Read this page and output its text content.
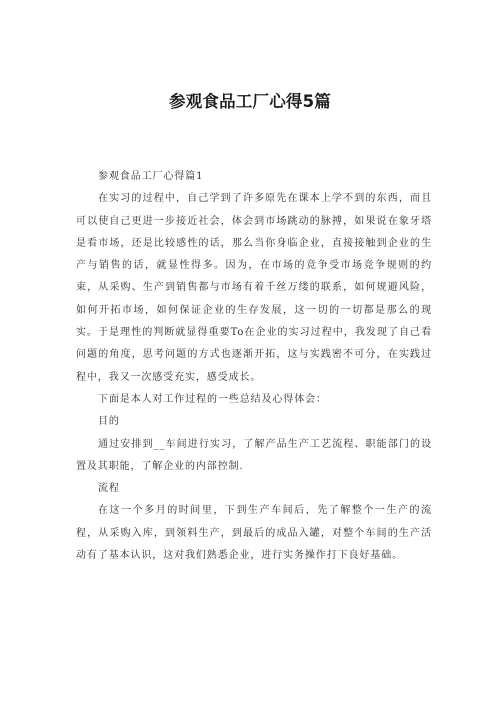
参观食品工厂心得5篇

参观食品工厂心得篇1

在实习的过程中，自己学到了许多原先在课本上学不到的东西，而且可以使自己更进一步接近社会，体会到市场跳动的脉搏，如果说在象牙塔是看市场，还是比较感性的话，那么当你身临企业，直接接触到企业的生产与销售的话，就显性得多。因为，在市场的竞争受市场竞争规则的约束，从采购、生产到销售都与市场有着千丝万缕的联系，如何规避风险，如何开拓市场，如何保证企业的生存发展，这一切的一切都是那么的现实。于是理性的判断就显得重要To在企业的实习过程中，我发现了自己看问题的角度，思考问题的方式也逐渐开拓，这与实践密不可分，在实践过程中，我又一次感受充实，感受成长。

下面是本人对工作过程的一些总结及心得体会：

目的

通过安排到__车间进行实习，了解产品生产工艺流程、职能部门的设置及其职能，了解企业的内部控制.

流程

在这一个多月的时间里，下到生产车间后，先了解整个一生产的流程，从采购入库，到领料生产，到最后的成品入罐，对整个车间的生产活动有了基本认识，这对我们熟悉企业，进行实务操作打下良好基础。
